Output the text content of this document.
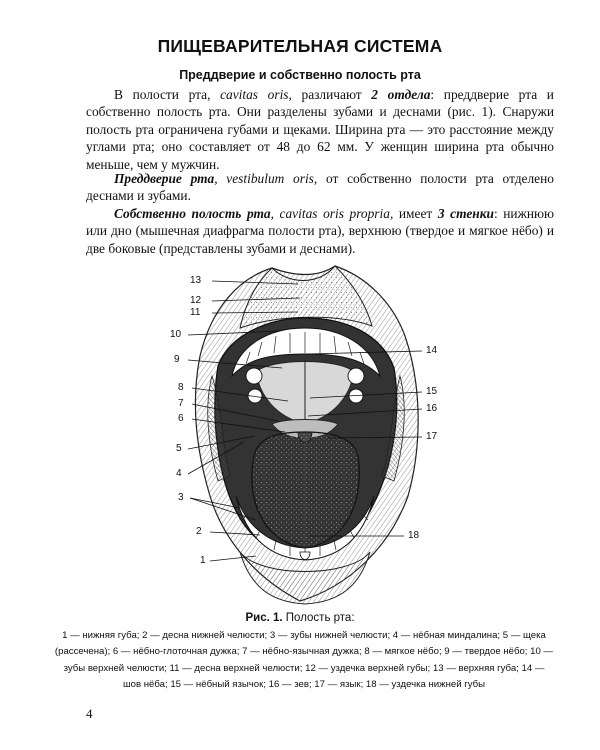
ПИЩЕВАРИТЕЛЬНАЯ СИСТЕМА
Преддверие и собственно полость рта

В полости рта, cavitas oris, различают 2 отдела: преддверие рта и собственно полость рта. Они разделены зубами и деснами (рис. 1). Снаружи полость рта ограничена губами и щеками. Ширина рта — это расстояние между углами рта; оно составляет от 48 до 62 мм. У женщин ширина рта обычно меньше, чем у мужчин.

Преддверие рта, vestibulum oris, от собственно полости рта отделено деснами и зубами.

Собственно полость рта, cavitas oris propria, имеет 3 стенки: нижнюю или дно (мышечная диафрагма полости рта), верхнюю (твердое и мягкое нёбо) и две боковые (представлены зубами и деснами).

13
12
11
10
9
8
7
6
5
4
3
2
1
14
15
16
17
18
Рис. 1. Полость рта:
1 — нижняя губа; 2 — десна нижней челюсти; 3 — зубы нижней челюсти; 4 — нёбная миндалина; 5 — щека (рассечена); 6 — нёбно-глоточная дужка; 7 — нёбно-язычная дужка; 8 — мягкое нёбо; 9 — твердое нёбо; 10 — зубы верхней челюсти; 11 — десна верхней челюсти; 12 — уздечка верхней губы; 13 — верхняя губа; 14 — шов нёба; 15 — нёбный язычок; 16 — зев; 17 — язык; 18 — уздечка нижней губы
4
